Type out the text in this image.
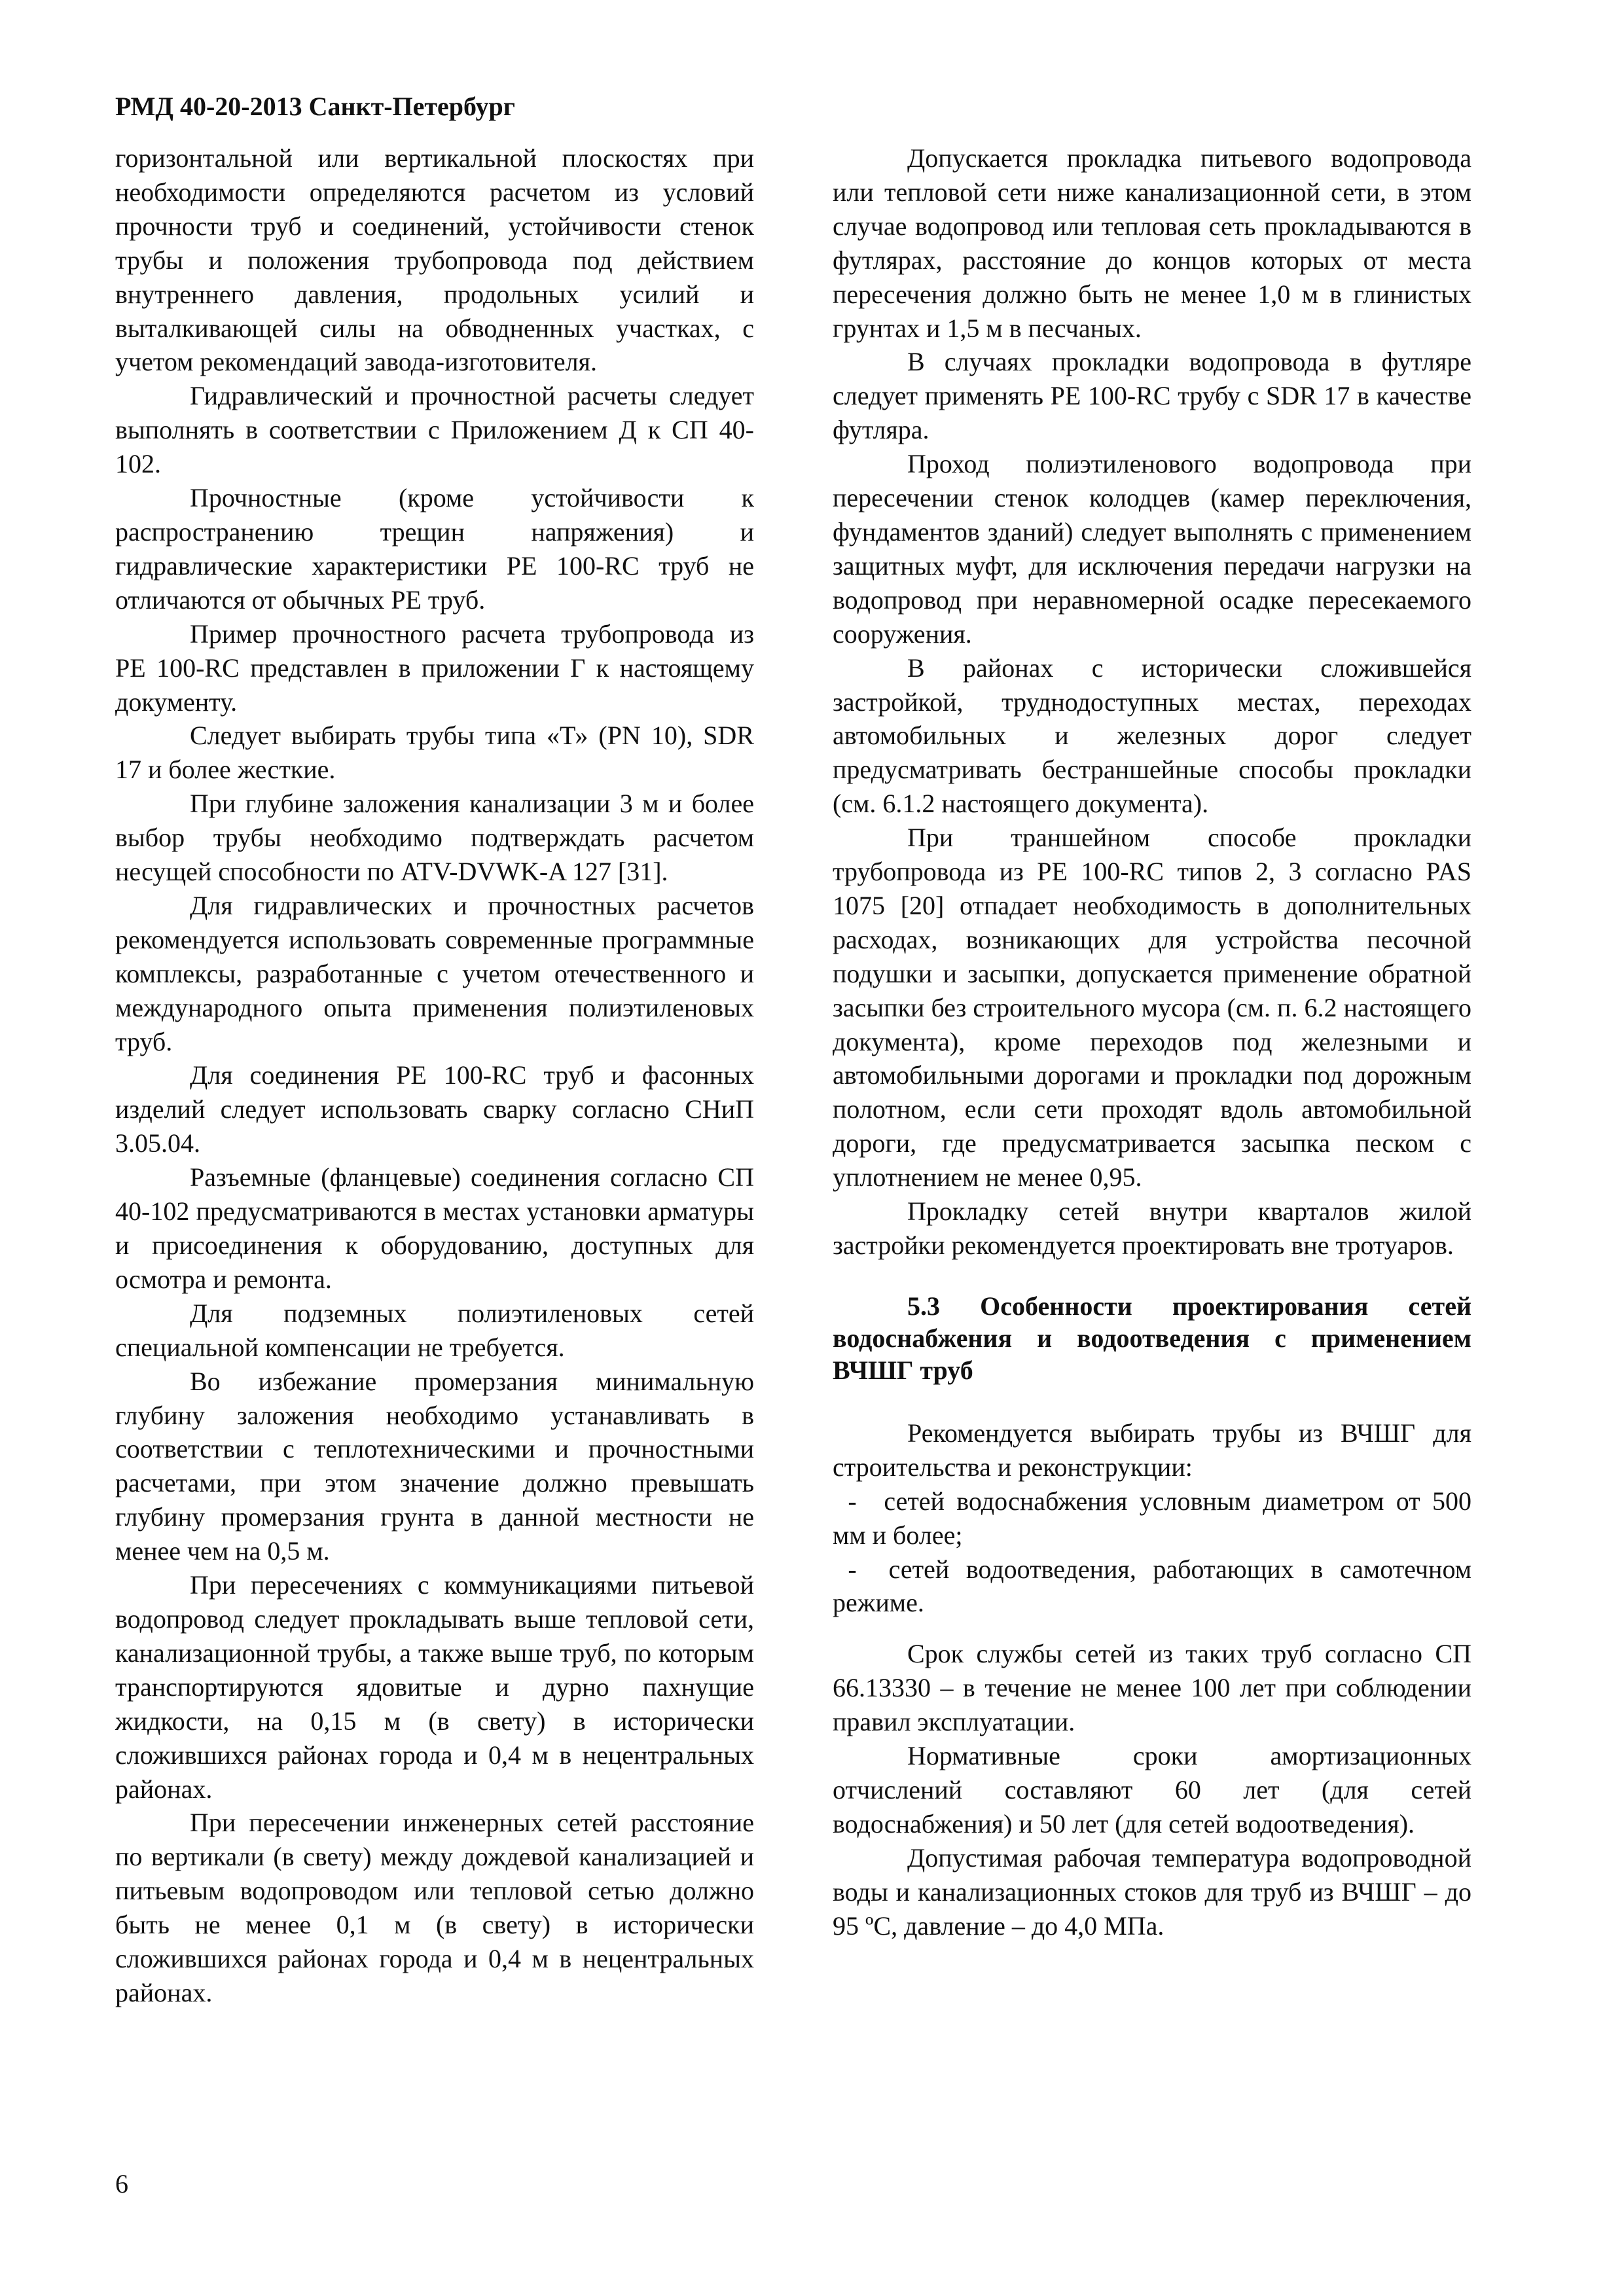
РМД 40-20-2013 Санкт-Петербург

горизонтальной или вертикальной плоскостях при необходимости определяются расчетом из условий прочности труб и соединений, устойчивости стенок трубы и положения трубопровода под действием внутреннего давления, продольных усилий и выталкивающей силы на обводненных участках, с учетом рекомендаций завода-изготовителя.

Гидравлический и прочностной расчеты следует выполнять в соответствии с Приложением Д к СП 40-102.

Прочностные (кроме устойчивости к распространению трещин напряжения) и гидравлические характеристики РЕ 100-RC труб не отличаются от обычных РЕ труб.

Пример прочностного расчета трубопровода из РЕ 100-RC представлен в приложении Г к настоящему документу.

Следует выбирать трубы типа «Т» (PN 10), SDR 17 и более жесткие.

При глубине заложения канализации 3 м и более выбор трубы необходимо подтверждать расчетом несущей способности по ATV-DVWK-A 127 [31].

Для гидравлических и прочностных расчетов рекомендуется использовать современные программные комплексы, разработанные с учетом отечественного и международного опыта применения полиэтиленовых труб.

Для соединения РЕ 100-RC труб и фасонных изделий следует использовать сварку согласно СНиП 3.05.04.

Разъемные (фланцевые) соединения согласно СП 40-102 предусматриваются в местах установки арматуры и присоединения к оборудованию, доступных для осмотра и ремонта.

Для подземных полиэтиленовых сетей специальной компенсации не требуется.

Во избежание промерзания минимальную глубину заложения необходимо устанавливать в соответствии с теплотехническими и прочностными расчетами, при этом значение должно превышать глубину промерзания грунта в данной местности не менее чем на 0,5 м.

При пересечениях с коммуникациями питьевой водопровод следует прокладывать выше тепловой сети, канализационной трубы, а также выше труб, по которым транспортируются ядовитые и дурно пахнущие жидкости, на 0,15 м (в свету) в исторически сложившихся районах города и 0,4 м в нецентральных районах.

При пересечении инженерных сетей расстояние по вертикали (в свету) между дождевой канализацией и питьевым водопроводом или тепловой сетью должно быть не менее 0,1 м (в свету) в исторически сложившихся районах города и 0,4 м в нецентральных районах.

Допускается прокладка питьевого водопровода или тепловой сети ниже канализационной сети, в этом случае водопровод или тепловая сеть прокладываются в футлярах, расстояние до концов которых от места пересечения должно быть не менее 1,0 м в глинистых грунтах и 1,5 м в песчаных.

В случаях прокладки водопровода в футляре следует применять РЕ 100-RC трубу с SDR 17 в качестве футляра.

Проход полиэтиленового водопровода при пересечении стенок колодцев (камер переключения, фундаментов зданий) следует выполнять с применением защитных муфт, для исключения передачи нагрузки на водопровод при неравномерной осадке пересекаемого сооружения.

В районах с исторически сложившейся застройкой, труднодоступных местах, переходах автомобильных и железных дорог следует предусматривать бестраншейные способы прокладки (см. 6.1.2 настоящего документа).

При траншейном способе прокладки трубопровода из РЕ 100-RC типов 2, 3 согласно PAS 1075 [20] отпадает необходимость в дополнительных расходах, возникающих для устройства песочной подушки и засыпки, допускается применение обратной засыпки без строительного мусора (см. п. 6.2 настоящего документа), кроме переходов под железными и автомобильными дорогами и прокладки под дорожным полотном, если сети проходят вдоль автомобильной дороги, где предусматривается засыпка песком с уплотнением не менее 0,95.

Прокладку сетей внутри кварталов жилой застройки рекомендуется проектировать вне тротуаров.

5.3 Особенности проектирования сетей водоснабжения и водоотведения с применением ВЧШГ труб

Рекомендуется выбирать трубы из ВЧШГ для строительства и реконструкции:

- сетей водоснабжения условным диаметром от 500 мм и более;

- сетей водоотведения, работающих в самотечном режиме.

Срок службы сетей из таких труб согласно СП 66.13330 – в течение не менее 100 лет при соблюдении правил эксплуатации.

Нормативные сроки амортизационных отчислений составляют 60 лет (для сетей водоснабжения) и 50 лет (для сетей водоотведения).

Допустимая рабочая температура водопроводной воды и канализационных стоков для труб из ВЧШГ – до 95 ºС, давление – до 4,0 МПа.

6
